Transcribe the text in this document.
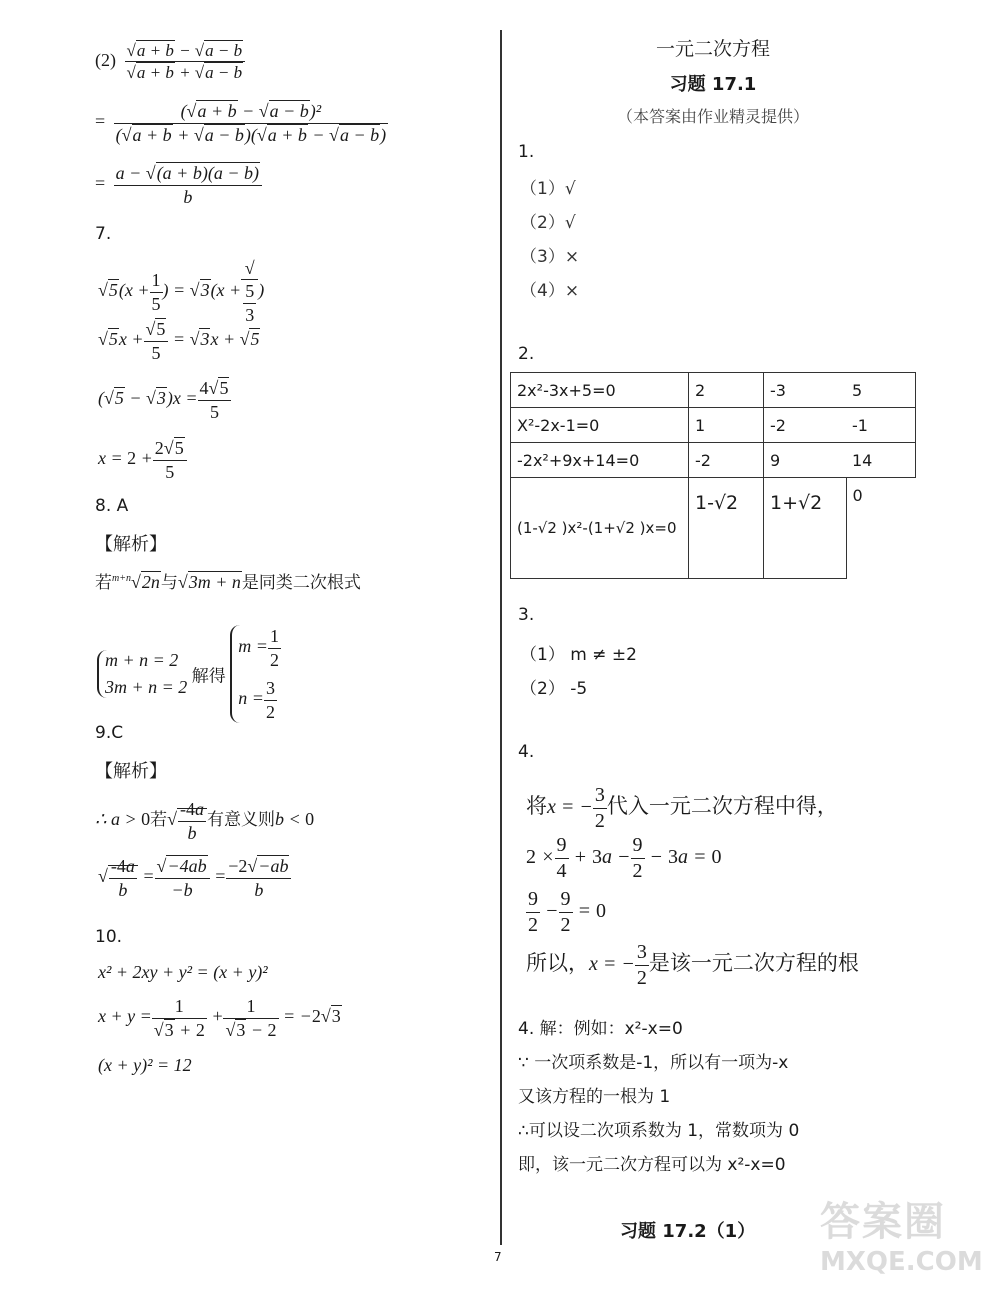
$(2) \frac{√a + b - √a - b}{√a + b + √a - b}$
= $\frac{\text{(√a + b − √a − b)²}}{(√a + b + √a - b)(√a + b - √a - b)}$
= $\frac{a - √(a + b)(a - b)}{b}$
7.
$√5(x + \frac{1}{5}$ ) = √3(x +√
$\frac{5}{3}$ )
$√5x + \frac{√5}{5} = √3x + √5$
$(√5 - √3)x = \frac{4√5}{5}$
$x = 2 + \frac{2√5}{5}$
8. A
【解析】
若$^{m+n}$√2n与√3m + n是同类二次根式
m + n = 2
3m + n = 2
解得
$m = \frac{1}{2}$
$n = \frac{3}{2}$
9.C
【解析】
∴ a > 0若√ $\frac{-4a}{b}$ 有意义则b < 0
√ $\frac{-4a}{b} = \frac{√-4ab}{-b} = \frac{-2√-ab}{b}$
10.
x² + 2xy + y² = (x + y)²
$x + y = \frac{1}{√3 + 2} + \frac{1}{√3 - 2} = -2√3$
(x + y)² = 12
一元二次方程
习题 17.1
（本答案由作业精灵提供）
1.
（1）√
（2）√
（3）×
（4）×
2.
2x²-3x+5=0	2	-3	5
X²-2x-1=0	1	-2	-1
-2x²+9x+14=0	-2	9	14
(1-√2 )x²-(1+√2 )x=0	1-√2	1+√2	0
3.
（1） m ≠ ±2
（2） -5
4.
将x = − $\frac{3}{2}$ 代入一元二次方程中得，
$2 \times \frac{9}{4} + 3a - \frac{9}{2} - 3a = 0$
$\frac{9}{2} - \frac{9}{2} = 0$
所以，x = − $\frac{3}{2}$ 是该一元二次方程的根
4. 解：例如：x²-x=0
∵ 一次项系数是-1，所以有一项为-x
又该方程的一根为 1
∴可以设二次项系数为 1，常数项为 0
即，该一元二次方程可以为 x²-x=0
习题 17.2（1）
7
答案圈
MXQE.COM
